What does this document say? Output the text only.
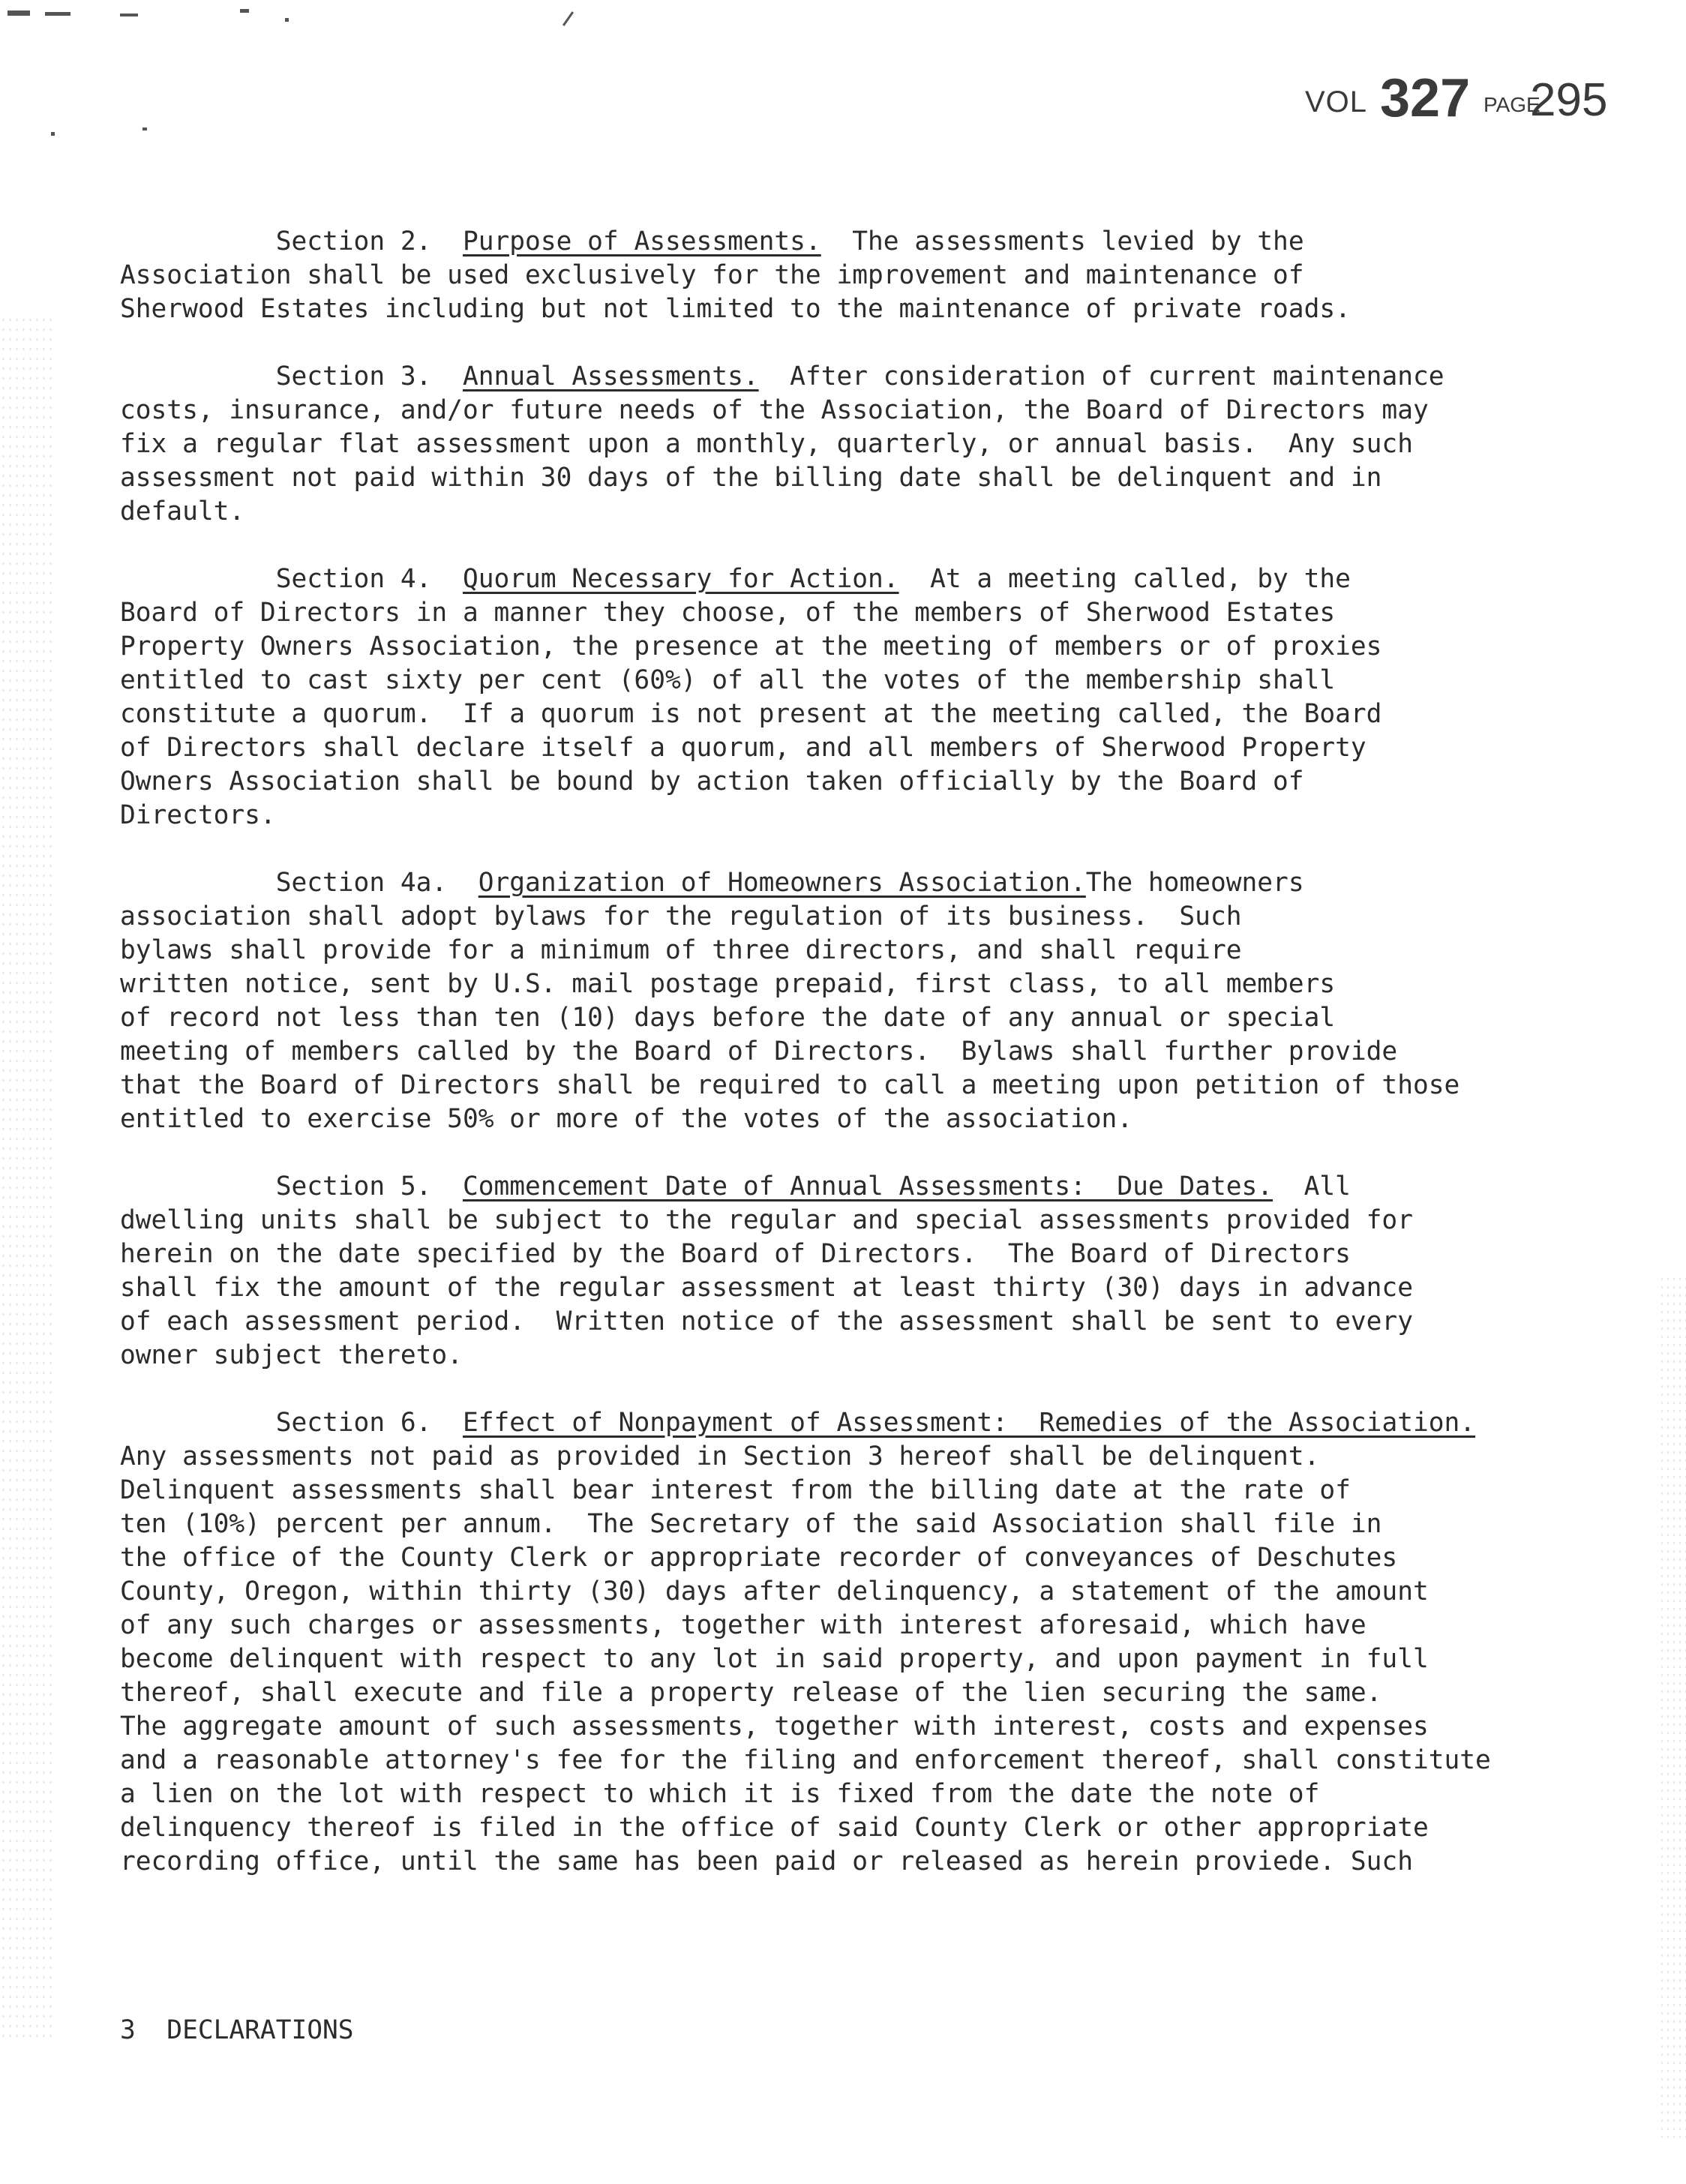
VOL 327 PAGE
295
Section 2.  Purpose of Assessments.  The assessments levied by the
Association shall be used exclusively for the improvement and maintenance of
Sherwood Estates including but not limited to the maintenance of private roads.
Section 3.  Annual Assessments.  After consideration of current maintenance
costs, insurance, and/or future needs of the Association, the Board of Directors may
fix a regular flat assessment upon a monthly, quarterly, or annual basis.  Any such
assessment not paid within 30 days of the billing date shall be delinquent and in
default.
Section 4.  Quorum Necessary for Action.  At a meeting called, by the
Board of Directors in a manner they choose, of the members of Sherwood Estates
Property Owners Association, the presence at the meeting of members or of proxies
entitled to cast sixty per cent (60%) of all the votes of the membership shall
constitute a quorum.  If a quorum is not present at the meeting called, the Board
of Directors shall declare itself a quorum, and all members of Sherwood Property
Owners Association shall be bound by action taken officially by the Board of
Directors.
Section 4a.  Organization of Homeowners Association.The homeowners
association shall adopt bylaws for the regulation of its business.  Such
bylaws shall provide for a minimum of three directors, and shall require
written notice, sent by U.S. mail postage prepaid, first class, to all members
of record not less than ten (10) days before the date of any annual or special
meeting of members called by the Board of Directors.  Bylaws shall further provide
that the Board of Directors shall be required to call a meeting upon petition of those
entitled to exercise 50% or more of the votes of the association.
Section 5.  Commencement Date of Annual Assessments:  Due Dates.  All
dwelling units shall be subject to the regular and special assessments provided for
herein on the date specified by the Board of Directors.  The Board of Directors
shall fix the amount of the regular assessment at least thirty (30) days in advance
of each assessment period.  Written notice of the assessment shall be sent to every
owner subject thereto.
Section 6.  Effect of Nonpayment of Assessment:  Remedies of the Association.
Any assessments not paid as provided in Section 3 hereof shall be delinquent.
Delinquent assessments shall bear interest from the billing date at the rate of
ten (10%) percent per annum.  The Secretary of the said Association shall file in
the office of the County Clerk or appropriate recorder of conveyances of Deschutes
County, Oregon, within thirty (30) days after delinquency, a statement of the amount
of any such charges or assessments, together with interest aforesaid, which have
become delinquent with respect to any lot in said property, and upon payment in full
thereof, shall execute and file a property release of the lien securing the same.
The aggregate amount of such assessments, together with interest, costs and expenses
and a reasonable attorney's fee for the filing and enforcement thereof, shall constitute
a lien on the lot with respect to which it is fixed from the date the note of
delinquency thereof is filed in the office of said County Clerk or other appropriate
recording office, until the same has been paid or released as herein proviede. Such
3  DECLARATIONS
